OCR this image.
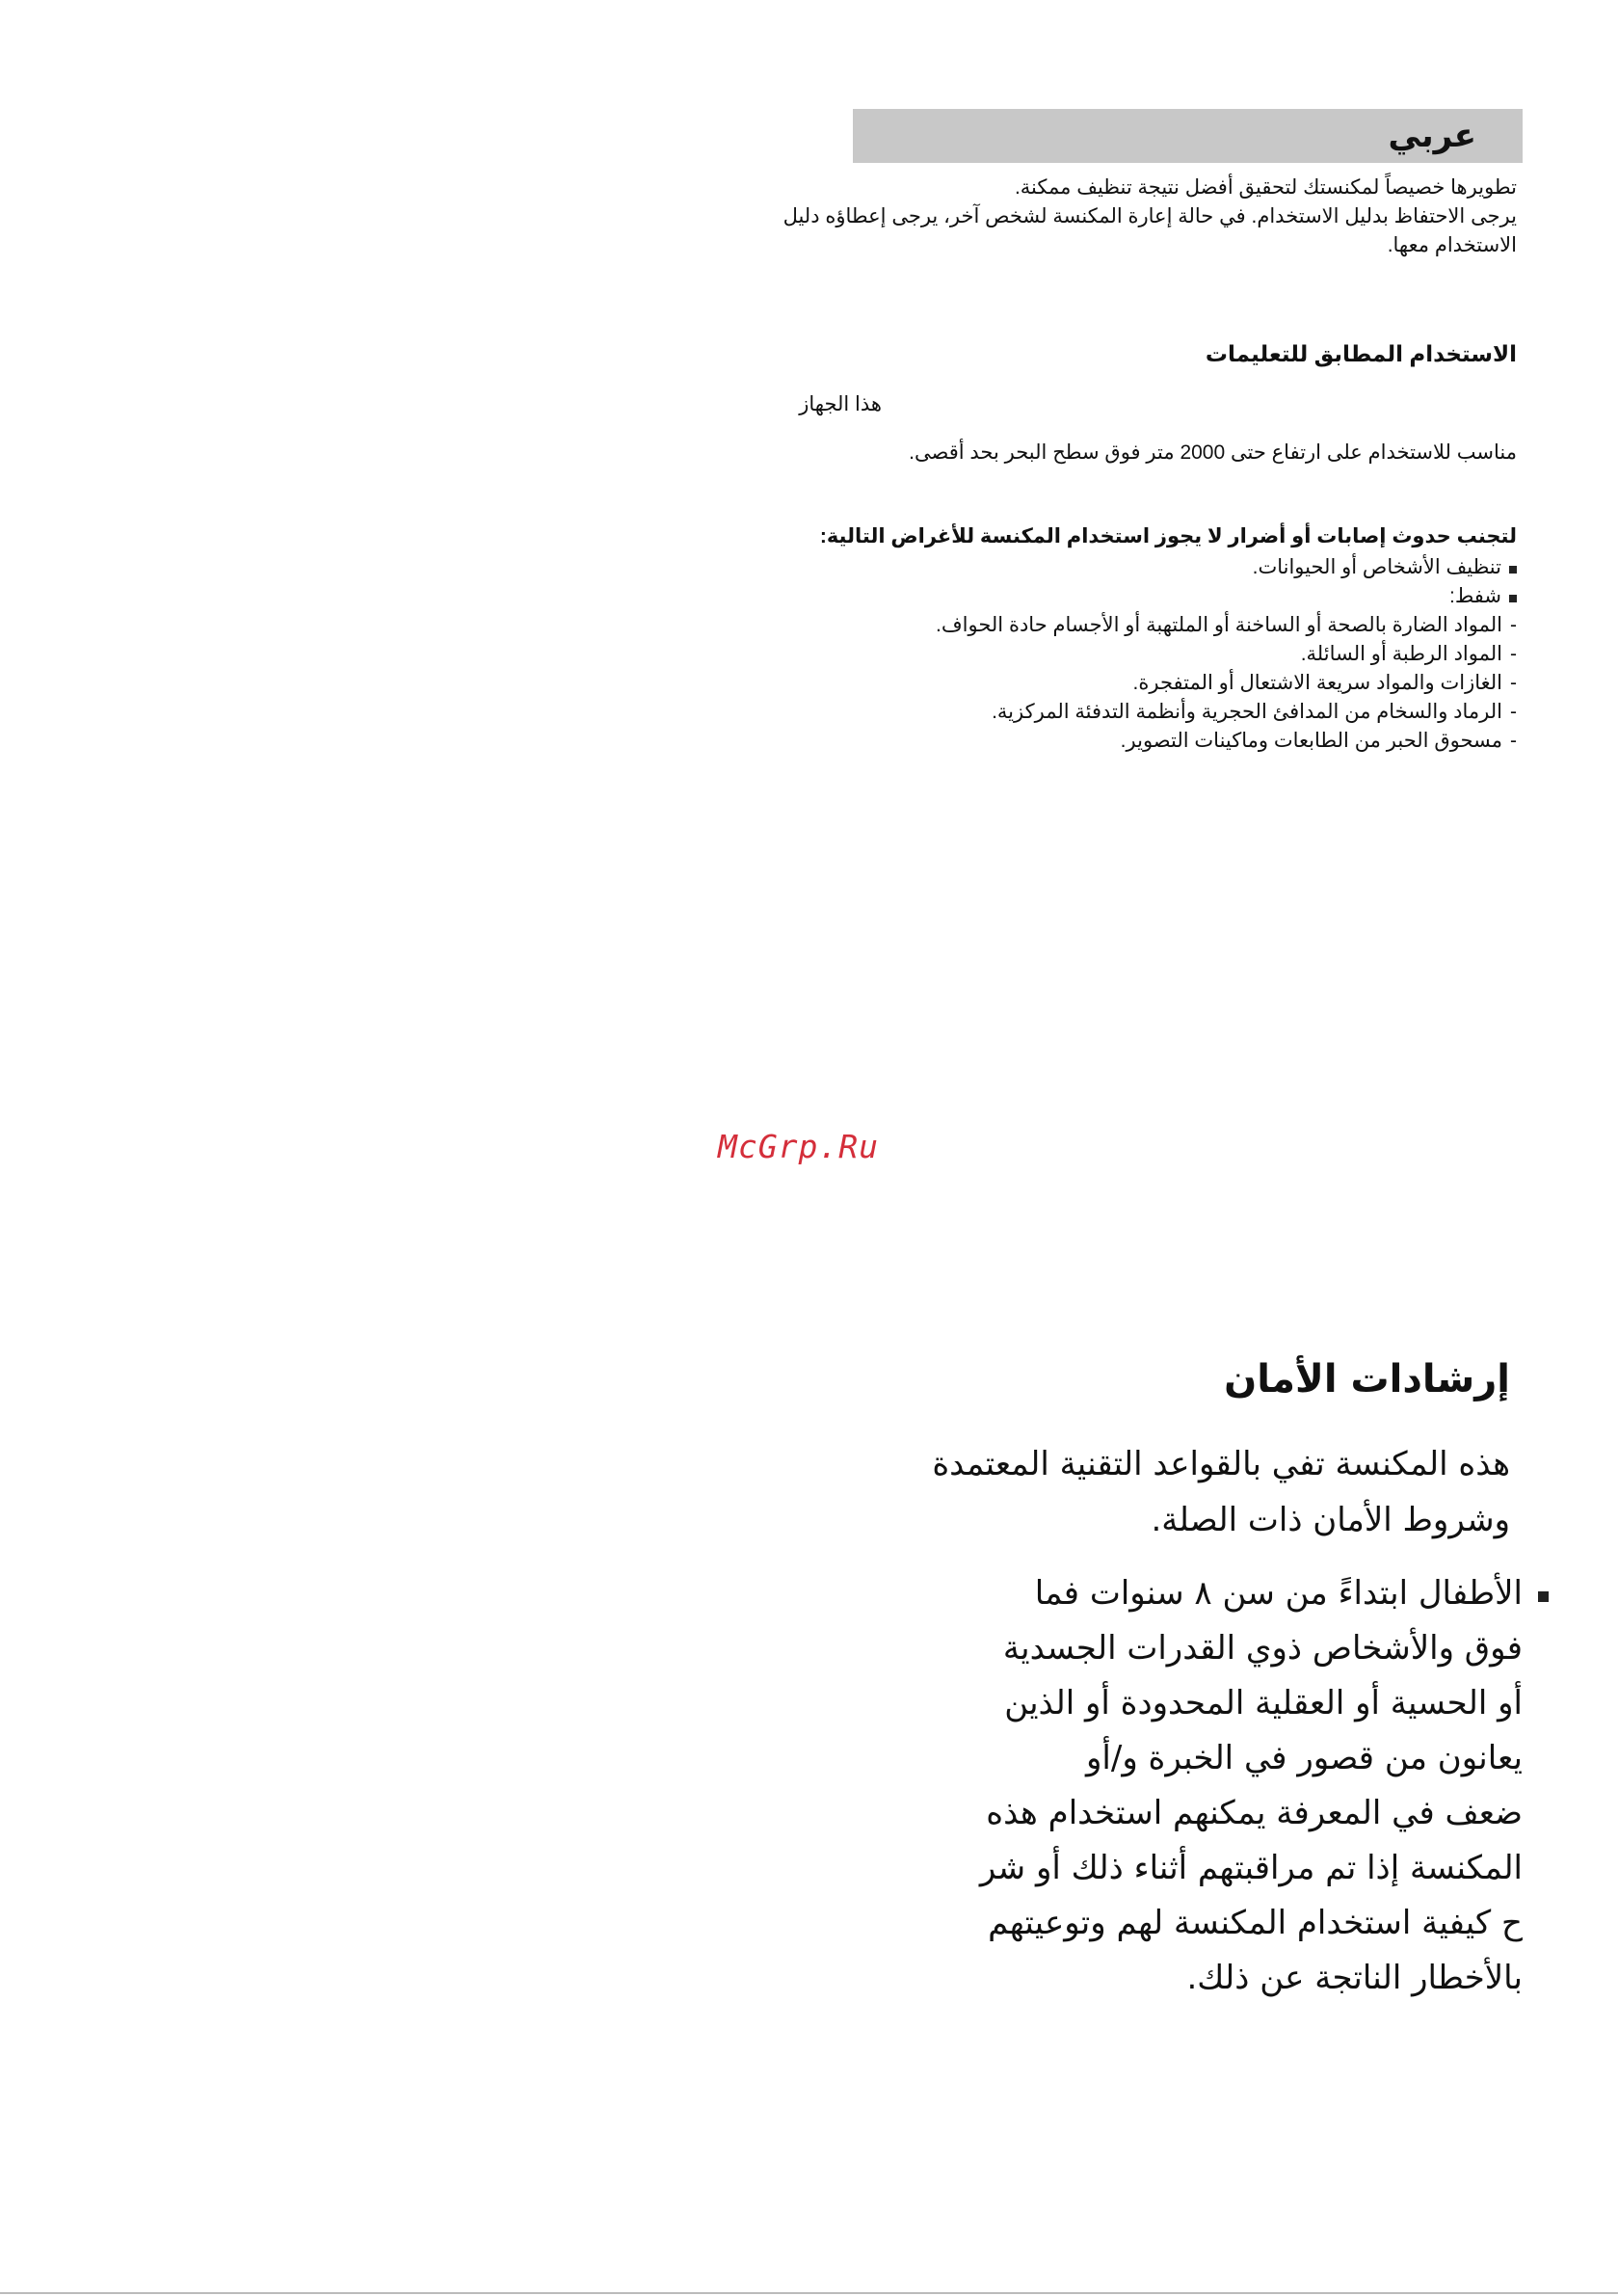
عربي

تطويرها خصيصاً لمكنستك لتحقيق أفضل نتيجة تنظيف ممكنة.

يرجى الاحتفاظ بدليل الاستخدام. في حالة إعارة المكنسة لشخص آخر، يرجى إعطاؤه دليل

الاستخدام معها.

الاستخدام المطابق للتعليمات
هذا الجهاز
مناسب للاستخدام على ارتفاع حتى 2000 متر فوق سطح البحر بحد أقصى.
لتجنب حدوث إصابات أو أضرار لا يجوز استخدام المكنسة للأغراض التالية:
تنظيف الأشخاص أو الحيوانات.
شفط:
-
المواد الضارة بالصحة أو الساخنة أو الملتهبة أو الأجسام حادة الحواف.
-
المواد الرطبة أو السائلة.
-
الغازات والمواد سريعة الاشتعال أو المتفجرة.
-
الرماد والسخام من المدافئ الحجرية وأنظمة التدفئة المركزية.
-
مسحوق الحبر من الطابعات وماكينات التصوير.
McGrp.Ru
إرشادات الأمان

هذه المكنسة تفي بالقواعد التقنية المعتمدة

وشروط الأمان ذات الصلة.

الأطفال ابتداءً من سن ٨ سنوات فما

فوق والأشخاص ذوي القدرات الجسدية

أو الحسية أو العقلية المحدودة أو الذين

يعانون من قصور في الخبرة و/أو

ضعف في المعرفة يمكنهم استخدام هذه

المكنسة إذا تم مراقبتهم أثناء ذلك أو شر

ح كيفية استخدام المكنسة لهم وتوعيتهم

بالأخطار الناتجة عن ذلك.
